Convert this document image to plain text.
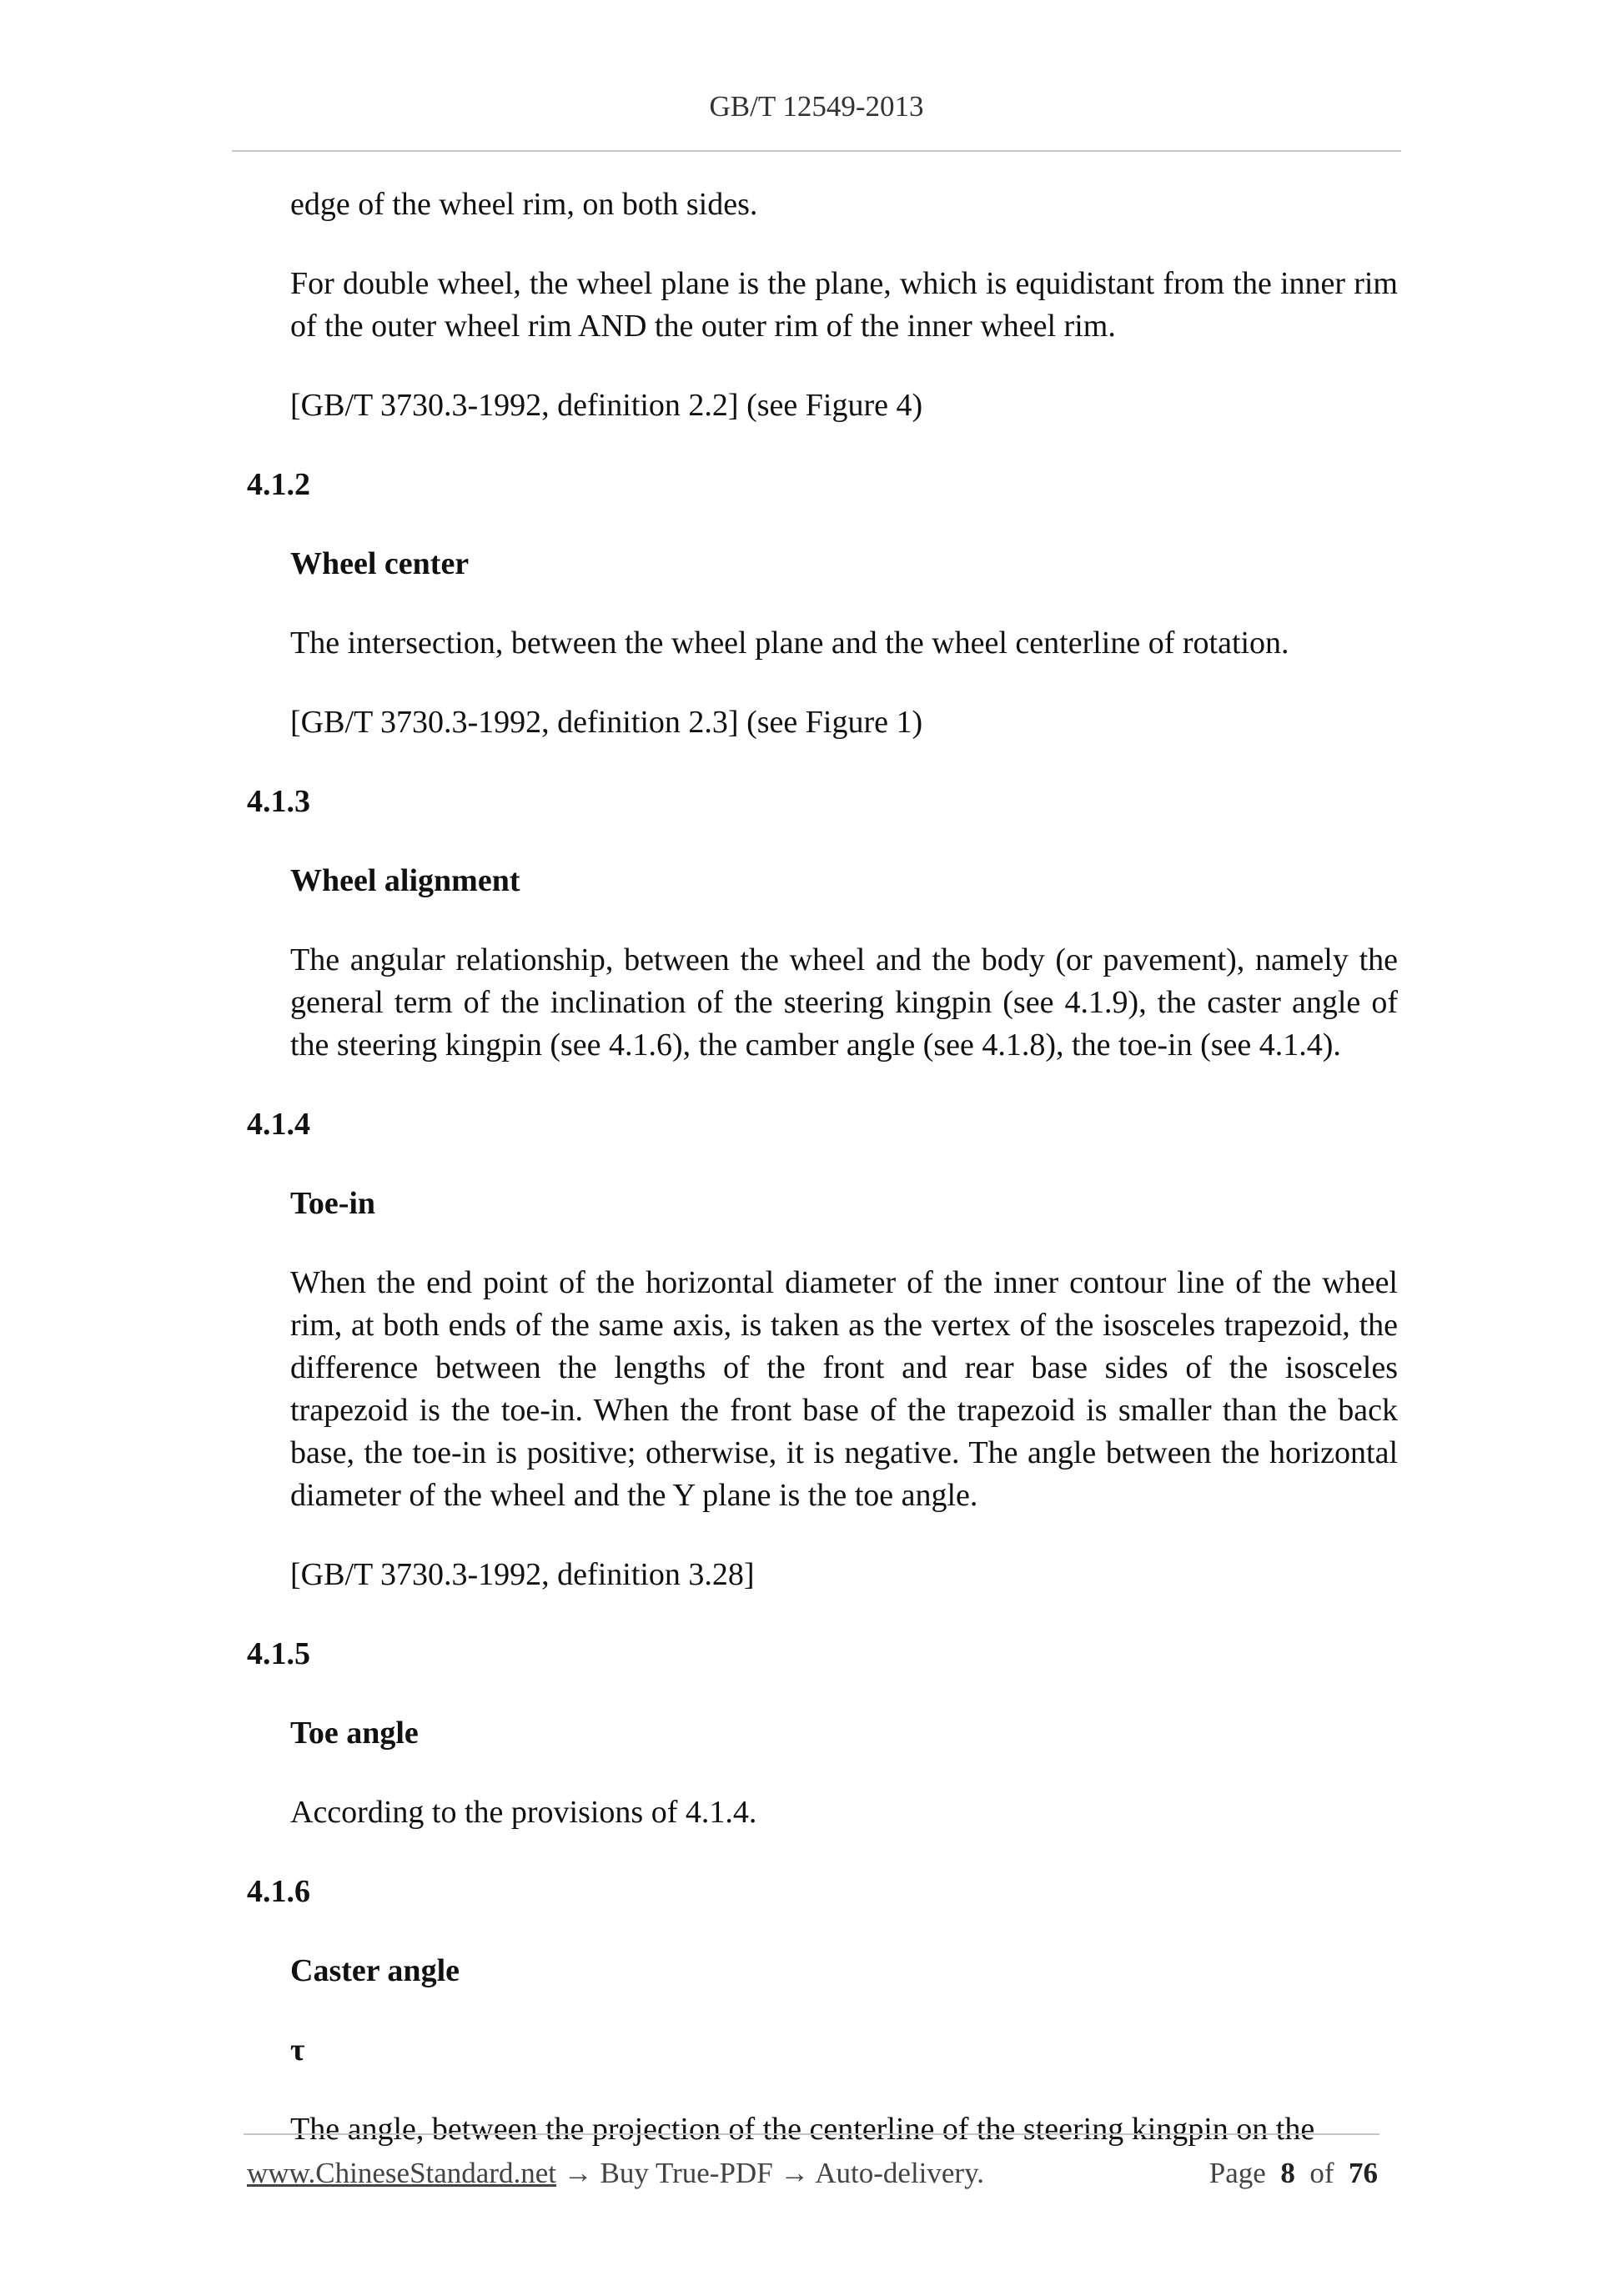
GB/T 12549-2013

edge of the wheel rim, on both sides.

For double wheel, the wheel plane is the plane, which is equidistant from the inner rim of the outer wheel rim AND the outer rim of the inner wheel rim.

[GB/T 3730.3-1992, definition 2.2] (see Figure 4)

4.1.2
Wheel center

The intersection, between the wheel plane and the wheel centerline of rotation.

[GB/T 3730.3-1992, definition 2.3] (see Figure 1)

4.1.3
Wheel alignment

The angular relationship, between the wheel and the body (or pavement), namely the general term of the inclination of the steering kingpin (see 4.1.9), the caster angle of the steering kingpin (see 4.1.6), the camber angle (see 4.1.8), the toe-in (see 4.1.4).

4.1.4
Toe-in

When the end point of the horizontal diameter of the inner contour line of the wheel rim, at both ends of the same axis, is taken as the vertex of the isosceles trapezoid, the difference between the lengths of the front and rear base sides of the isosceles trapezoid is the toe-in. When the front base of the trapezoid is smaller than the back base, the toe-in is positive; otherwise, it is negative. The angle between the horizontal diameter of the wheel and the Y plane is the toe angle.

[GB/T 3730.3-1992, definition 3.28]

4.1.5
Toe angle

According to the provisions of 4.1.4.

4.1.6
Caster angle
τ

The angle, between the projection of the centerline of the steering kingpin on the

www.ChineseStandard.net → Buy True-PDF → Auto-delivery.	Page 8 of 76
